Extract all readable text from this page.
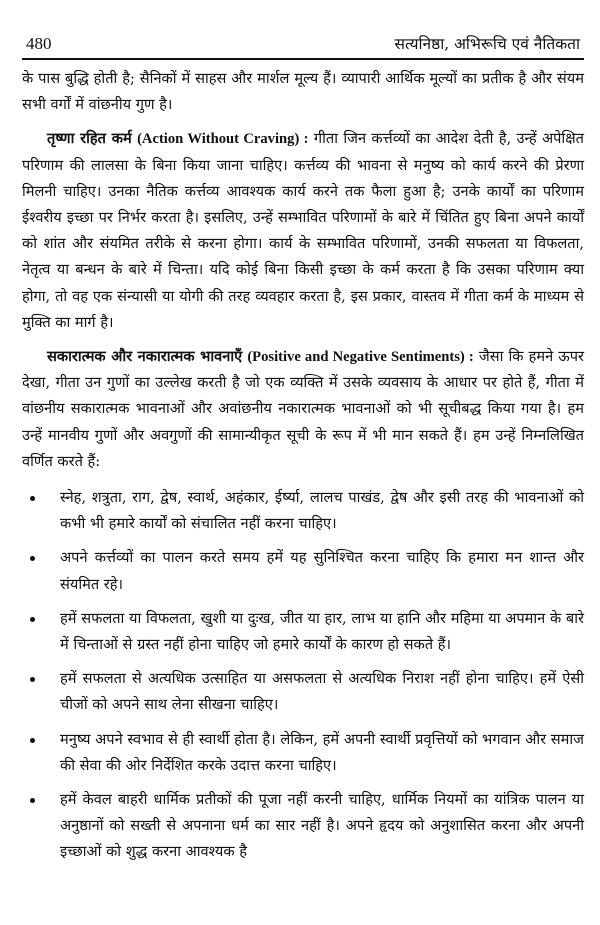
480	सत्यनिष्ठा, अभिरूचि एवं नैतिकता

के पास बुद्धि होती है; सैनिकों में साहस और मार्शल मूल्य हैं। व्यापारी आर्थिक मूल्यों का प्रतीक है और संयम सभी वर्गों में वांछनीय गुण है।

तृष्णा रहित कर्म (Action Without Craving) : गीता जिन कर्त्तव्यों का आदेश देती है, उन्हें अपेक्षित परिणाम की लालसा के बिना किया जाना चाहिए। कर्त्तव्य की भावना से मनुष्य को कार्य करने की प्रेरणा मिलनी चाहिए। उनका नैतिक कर्त्तव्य आवश्यक कार्य करने तक फैला हुआ है; उनके कार्यों का परिणाम ईश्वरीय इच्छा पर निर्भर करता है। इसलिए, उन्हें सम्भावित परिणामों के बारे में चिंतित हुए बिना अपने कार्यों को शांत और संयमित तरीके से करना होगा। कार्य के सम्भावित परिणामों, उनकी सफलता या विफलता, नेतृत्व या बन्धन के बारे में चिन्ता। यदि कोई बिना किसी इच्छा के कर्म करता है कि उसका परिणाम क्या होगा, तो वह एक संन्यासी या योगी की तरह व्यवहार करता है, इस प्रकार, वास्तव में गीता कर्म के माध्यम से मुक्ति का मार्ग है।

सकारात्मक और नकारात्मक भावनाएँ (Positive and Negative Sentiments) : जैसा कि हमने ऊपर देखा, गीता उन गुणों का उल्लेख करती है जो एक व्यक्ति में उसके व्यवसाय के आधार पर होते हैं, गीता में वांछनीय सकारात्मक भावनाओं और अवांछनीय नकारात्मक भावनाओं को भी सूचीबद्ध किया गया है। हम उन्हें मानवीय गुणों और अवगुणों की सामान्यीकृत सूची के रूप में भी मान सकते हैं। हम उन्हें निम्नलिखित वर्णित करते हैं:

स्नेह, शत्रुता, राग, द्वेष, स्वार्थ, अहंकार, ईर्ष्या, लालच पाखंड, द्वेष और इसी तरह की भावनाओं को कभी भी हमारे कार्यों को संचालित नहीं करना चाहिए।
अपने कर्त्तव्यों का पालन करते समय हमें यह सुनिश्चित करना चाहिए कि हमारा मन शान्त और संयमित रहे।
हमें सफलता या विफलता, खुशी या दुःख, जीत या हार, लाभ या हानि और महिमा या अपमान के बारे में चिन्ताओं से ग्रस्त नहीं होना चाहिए जो हमारे कार्यों के कारण हो सकते हैं।
हमें सफलता से अत्यधिक उत्साहित या असफलता से अत्यधिक निराश नहीं होना चाहिए। हमें ऐसी चीजों को अपने साथ लेना सीखना चाहिए।
मनुष्य अपने स्वभाव से ही स्वार्थी होता है। लेकिन, हमें अपनी स्वार्थी प्रवृत्तियों को भगवान और समाज की सेवा की ओर निर्देशित करके उदात्त करना चाहिए।
हमें केवल बाहरी धार्मिक प्रतीकों की पूजा नहीं करनी चाहिए, धार्मिक नियमों का यांत्रिक पालन या अनुष्ठानों को सख्ती से अपनाना धर्म का सार नहीं है। अपने हृदय को अनुशासित करना और अपनी इच्छाओं को शुद्ध करना आवश्यक है
